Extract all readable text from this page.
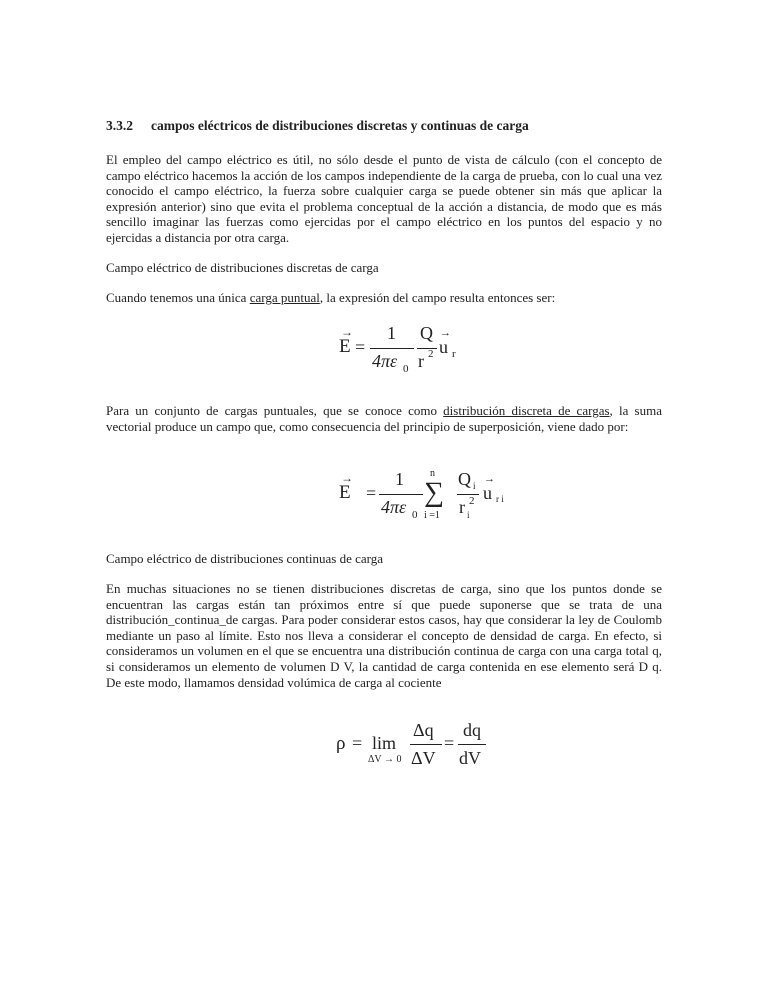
3.3.2 campos eléctricos de distribuciones discretas y continuas de carga
El empleo del campo eléctrico es útil, no sólo desde el punto de vista de cálculo (con el concepto de campo eléctrico hacemos la acción de los campos independiente de la carga de prueba, con lo cual una vez conocido el campo eléctrico, la fuerza sobre cualquier carga se puede obtener sin más que aplicar la expresión anterior) sino que evita el problema conceptual de la acción a distancia, de modo que es más sencillo imaginar las fuerzas como ejercidas por el campo eléctrico en los puntos del espacio y no ejercidas a distancia por otra carga.
Campo eléctrico de distribuciones discretas de carga
Cuando tenemos una única carga puntual, la expresión del campo resulta entonces ser:
E
→
=
1
4πε 0
Q
r 2 u
→
r
Para un conjunto de cargas puntuales, que se conoce como distribución discreta de cargas, la suma vectorial produce un campo que, como consecuencia del principio de superposición, viene dado por:
E
→
=
1
4πε 0
n
∑
i =1
Q i
r 2
i
u
→
r i
Campo eléctrico de distribuciones continuas de carga
En muchas situaciones no se tienen distribuciones discretas de carga, sino que los puntos donde se encuentran las cargas están tan próximos entre sí que puede suponerse que se trata de una distribución_continua_de cargas. Para poder considerar estos casos, hay que considerar la ley de Coulomb mediante un paso al límite. Esto nos lleva a considerar el concepto de densidad de carga. En efecto, si consideramos un volumen en el que se encuentra una distribución continua de carga con una carga total q, si consideramos un elemento de volumen D V, la cantidad de carga contenida en ese elemento será D q. De este modo, llamamos densidad volúmica de carga al cociente
ρ = lim
ΔV → 0
Δq
ΔV
=
dq
dV
